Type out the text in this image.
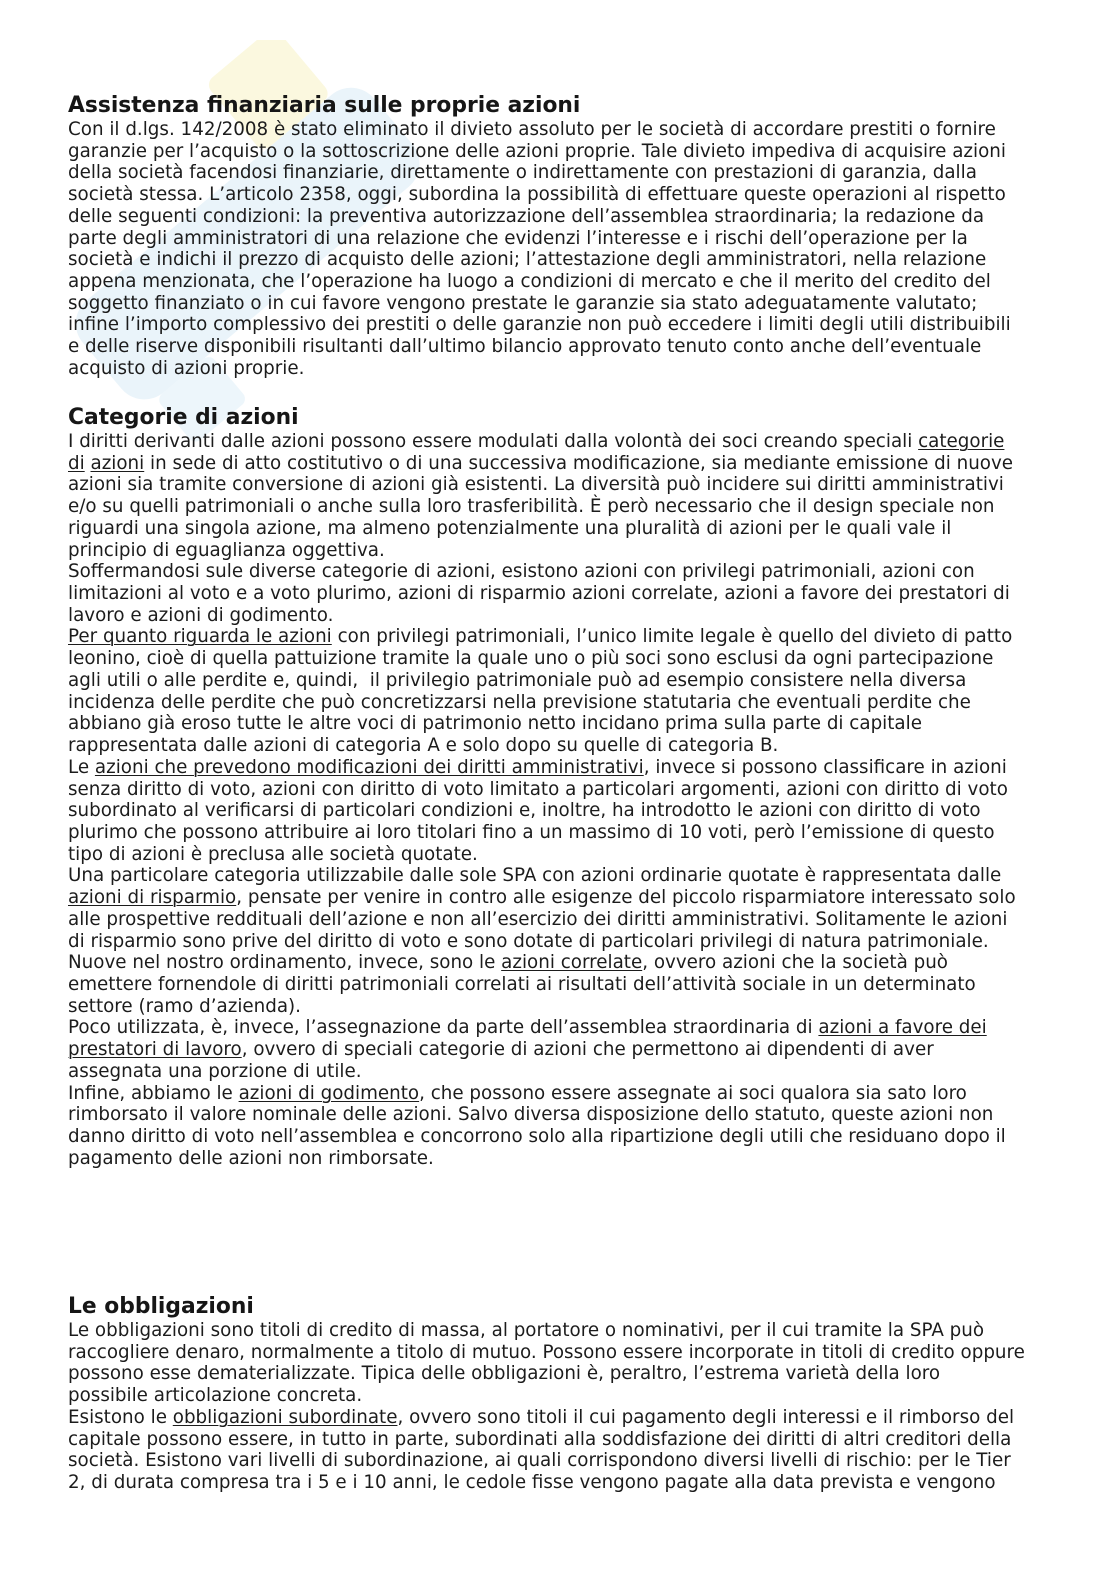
Assistenza finanziaria sulle proprie azioni
Con il d.lgs. 142/2008 è stato eliminato il divieto assoluto per le società di accordare prestiti o fornire
garanzie per l’acquisto o la sottoscrizione delle azioni proprie. Tale divieto impediva di acquisire azioni
della società facendosi finanziarie, direttamente o indirettamente con prestazioni di garanzia, dalla
società stessa. L’articolo 2358, oggi, subordina la possibilità di effettuare queste operazioni al rispetto
delle seguenti condizioni: la preventiva autorizzazione dell’assemblea straordinaria; la redazione da
parte degli amministratori di una relazione che evidenzi l’interesse e i rischi dell’operazione per la
società e indichi il prezzo di acquisto delle azioni; l’attestazione degli amministratori, nella relazione
appena menzionata, che l’operazione ha luogo a condizioni di mercato e che il merito del credito del
soggetto finanziato o in cui favore vengono prestate le garanzie sia stato adeguatamente valutato;
infine l’importo complessivo dei prestiti o delle garanzie non può eccedere i limiti degli utili distribuibili
e delle riserve disponibili risultanti dall’ultimo bilancio approvato tenuto conto anche dell’eventuale
acquisto di azioni proprie.
Categorie di azioni
I diritti derivanti dalle azioni possono essere modulati dalla volontà dei soci creando speciali categorie
di azioni in sede di atto costitutivo o di una successiva modificazione, sia mediante emissione di nuove
azioni sia tramite conversione di azioni già esistenti. La diversità può incidere sui diritti amministrativi
e/o su quelli patrimoniali o anche sulla loro trasferibilità. È però necessario che il design speciale non
riguardi una singola azione, ma almeno potenzialmente una pluralità di azioni per le quali vale il
principio di eguaglianza oggettiva.
Soffermandosi sule diverse categorie di azioni, esistono azioni con privilegi patrimoniali, azioni con
limitazioni al voto e a voto plurimo, azioni di risparmio azioni correlate, azioni a favore dei prestatori di
lavoro e azioni di godimento.
Per quanto riguarda le azioni con privilegi patrimoniali, l’unico limite legale è quello del divieto di patto
leonino, cioè di quella pattuizione tramite la quale uno o più soci sono esclusi da ogni partecipazione
agli utili o alle perdite e, quindi,  il privilegio patrimoniale può ad esempio consistere nella diversa
incidenza delle perdite che può concretizzarsi nella previsione statutaria che eventuali perdite che
abbiano già eroso tutte le altre voci di patrimonio netto incidano prima sulla parte di capitale
rappresentata dalle azioni di categoria A e solo dopo su quelle di categoria B.
Le azioni che prevedono modificazioni dei diritti amministrativi, invece si possono classificare in azioni
senza diritto di voto, azioni con diritto di voto limitato a particolari argomenti, azioni con diritto di voto
subordinato al verificarsi di particolari condizioni e, inoltre, ha introdotto le azioni con diritto di voto
plurimo che possono attribuire ai loro titolari fino a un massimo di 10 voti, però l’emissione di questo
tipo di azioni è preclusa alle società quotate.
Una particolare categoria utilizzabile dalle sole SPA con azioni ordinarie quotate è rappresentata dalle
azioni di risparmio, pensate per venire in contro alle esigenze del piccolo risparmiatore interessato solo
alle prospettive reddituali dell’azione e non all’esercizio dei diritti amministrativi. Solitamente le azioni
di risparmio sono prive del diritto di voto e sono dotate di particolari privilegi di natura patrimoniale.
Nuove nel nostro ordinamento, invece, sono le azioni correlate, ovvero azioni che la società può
emettere fornendole di diritti patrimoniali correlati ai risultati dell’attività sociale in un determinato
settore (ramo d’azienda).
Poco utilizzata, è, invece, l’assegnazione da parte dell’assemblea straordinaria di azioni a favore dei
prestatori di lavoro, ovvero di speciali categorie di azioni che permettono ai dipendenti di aver
assegnata una porzione di utile.
Infine, abbiamo le azioni di godimento, che possono essere assegnate ai soci qualora sia sato loro
rimborsato il valore nominale delle azioni. Salvo diversa disposizione dello statuto, queste azioni non
danno diritto di voto nell’assemblea e concorrono solo alla ripartizione degli utili che residuano dopo il
pagamento delle azioni non rimborsate.
Le obbligazioni
Le obbligazioni sono titoli di credito di massa, al portatore o nominativi, per il cui tramite la SPA può
raccogliere denaro, normalmente a titolo di mutuo. Possono essere incorporate in titoli di credito oppure
possono esse dematerializzate. Tipica delle obbligazioni è, peraltro, l’estrema varietà della loro
possibile articolazione concreta.
Esistono le obbligazioni subordinate, ovvero sono titoli il cui pagamento degli interessi e il rimborso del
capitale possono essere, in tutto in parte, subordinati alla soddisfazione dei diritti di altri creditori della
società. Esistono vari livelli di subordinazione, ai quali corrispondono diversi livelli di rischio: per le Tier
2, di durata compresa tra i 5 e i 10 anni, le cedole fisse vengono pagate alla data prevista e vengono
